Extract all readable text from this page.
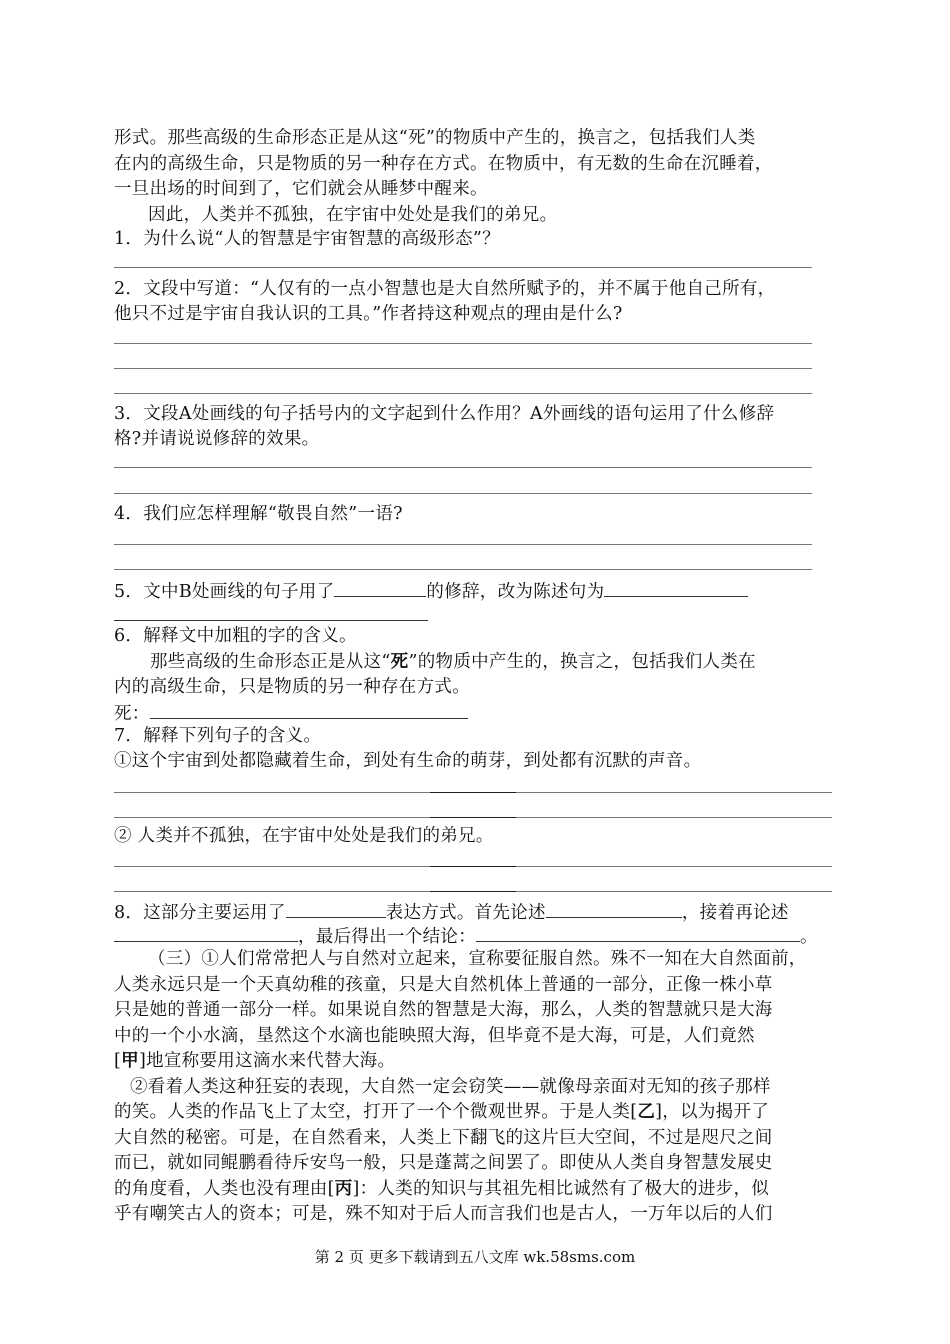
形式。那些高级的生命形态正是从这“死”的物质中产生的，换言之，包括我们人类
在内的高级生命，只是物质的另一种存在方式。在物质中，有无数的生命在沉睡着，
一旦出场的时间到了，它们就会从睡梦中醒来。
因此，人类并不孤独，在宇宙中处处是我们的弟兄。
1．为什么说“人的智慧是宇宙智慧的高级形态”？
2．文段中写道：“人仅有的一点小智慧也是大自然所赋予的，并不属于他自己所有，
他只不过是宇宙自我认识的工具。”作者持这种观点的理由是什么?
3．文段A处画线的句子括号内的文字起到什么作用？A外画线的语句运用了什么修辞
格?并请说说修辞的效果。
4．我们应怎样理解“敬畏自然”一语?
5．文中B处画线的句子用了	的修辞，改为陈述句为
6．解释文中加粗的字的含义。
那些高级的生命形态正是从这“死”的物质中产生的，换言之，包括我们人类在
内的高级生命，只是物质的另一种存在方式。
死：
7．解释下列句子的含义。
①这个宇宙到处都隐藏着生命，到处有生命的萌芽，到处都有沉默的声音。
② 人类并不孤独，在宇宙中处处是我们的弟兄。
8．这部分主要运用了	表达方式。首先论述	，接着再论述
，最后得出一个结论：	。
（三）①人们常常把人与自然对立起来，宣称要征服自然。殊不一知在大自然面前，
人类永远只是一个天真幼稚的孩童，只是大自然机体上普通的一部分，正像一株小草
只是她的普通一部分一样。如果说自然的智慧是大海，那么，人类的智慧就只是大海
中的一个小水滴，垦然这个水滴也能映照大海，但毕竟不是大海，可是，人们竟然
[甲]地宣称要用这滴水来代替大海。
②看着人类这种狂妄的表现，大自然一定会窃笑——就像母亲面对无知的孩子那样
的笑。人类的作品飞上了太空，打开了一个个微观世界。于是人类[乙]，以为揭开了
大自然的秘密。可是，在自然看来，人类上下翻飞的这片巨大空间，不过是咫尺之间
而已，就如同鲲鹏看待斥安鸟一般，只是蓬蒿之间罢了。即使从人类自身智慧发展史
的角度看，人类也没有理由[丙]：人类的知识与其祖先相比诚然有了极大的进步，似
乎有嘲笑古人的资本；可是，殊不知对于后人而言我们也是古人，一万年以后的人们
第 2 页 更多下载请到五八文库 wk.58sms.com
